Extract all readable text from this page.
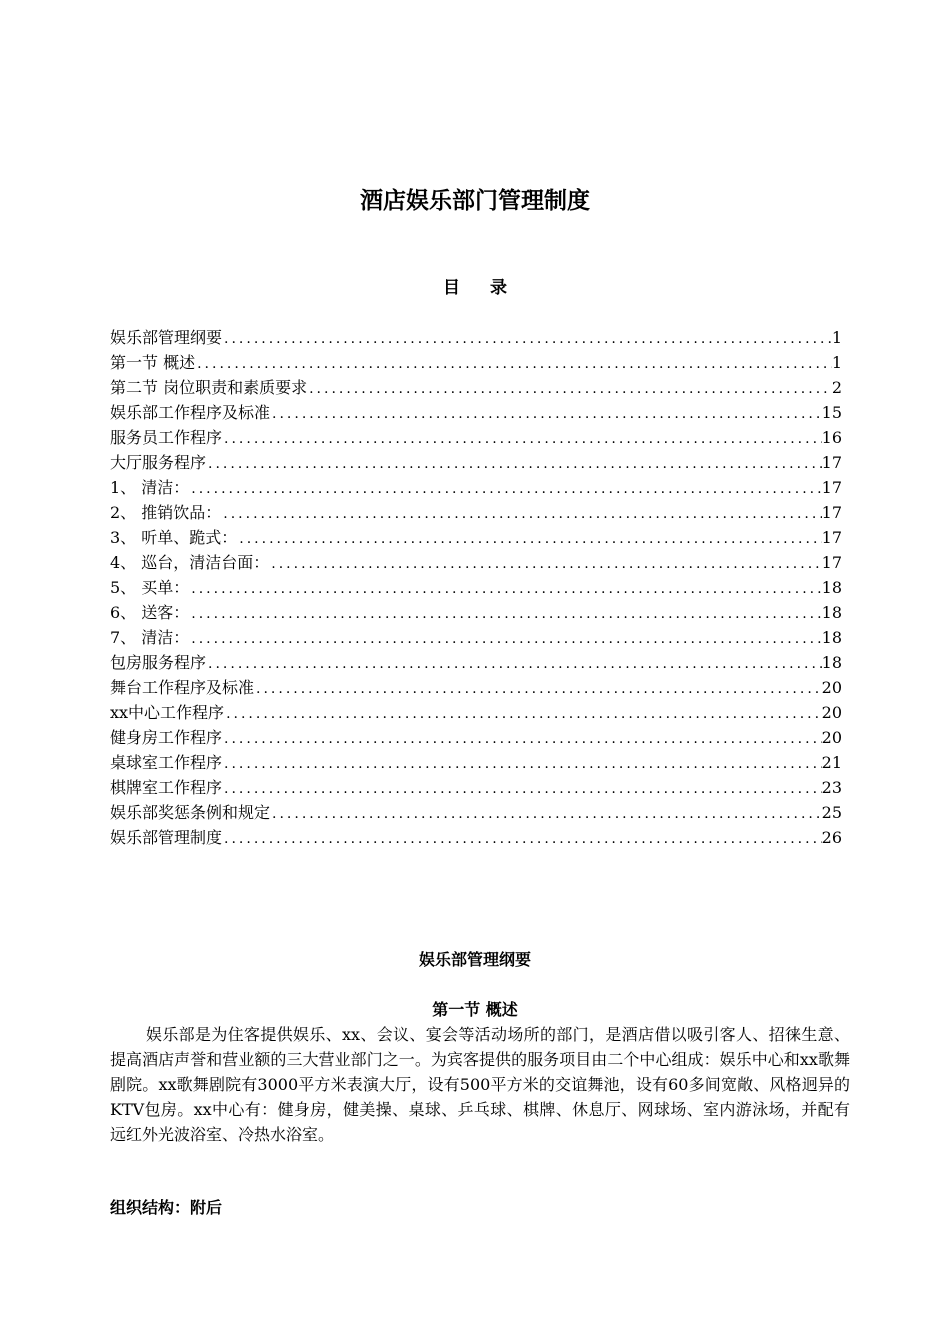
酒店娱乐部门管理制度
目 录
娱乐部管理纲要 .....	1
第一节 概述 .....	1
第二节 岗位职责和素质要求 .....	2
娱乐部工作程序及标准 .....	15
服务员工作程序 .....	16
大厅服务程序 .....	17
1、 清洁： .....	17
2、 推销饮品： .....	17
3、 听单、跪式： .....	17
4、 巡台，清洁台面： .....	17
5、 买单： .....	18
6、 送客： .....	18
7、 清洁： .....	18
包房服务程序 .....	18
舞台工作程序及标准 .....	20
xx中心工作程序 .....	20
健身房工作程序 .....	20
桌球室工作程序 .....	21
棋牌室工作程序 .....	23
娱乐部奖惩条例和规定 .....	25
娱乐部管理制度 .....	26
娱乐部管理纲要
第一节 概述
娱乐部是为住客提供娱乐、xx、会议、宴会等活动场所的部门，是酒店借以吸引客人、招徕生意、提高酒店声誉和营业额的三大营业部门之一。为宾客提供的服务项目由二个中心组成：娱乐中心和xx歌舞剧院。xx歌舞剧院有3000平方米表演大厅，设有500平方米的交谊舞池，设有60多间宽敞、风格迥异的KTV包房。xx中心有：健身房，健美操、桌球、乒乓球、棋牌、休息厅、网球场、室内游泳场，并配有远红外光波浴室、冷热水浴室。
组织结构：附后
